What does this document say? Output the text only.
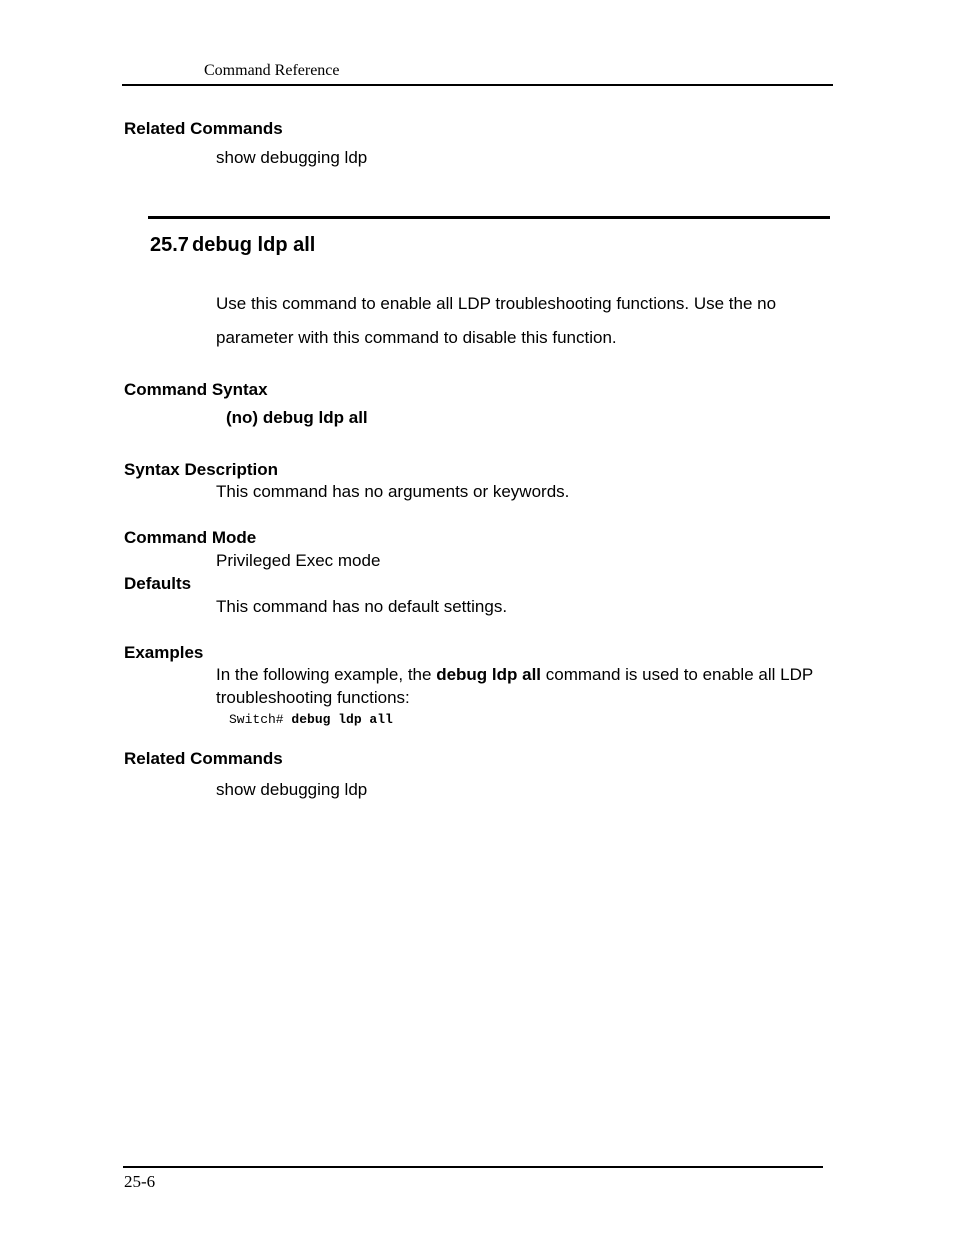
Command Reference
Related Commands
show debugging ldp
25.7 debug ldp all
Use this command to enable all LDP troubleshooting functions. Use the no
parameter with this command to disable this function.
Command Syntax
(no) debug ldp all
Syntax Description
This command has no arguments or keywords.
Command Mode
Privileged Exec mode
Defaults
This command has no default settings.
Examples
In the following example, the debug ldp all command is used to enable all LDP
troubleshooting functions:
Switch# debug ldp all
Related Commands
show debugging ldp
25-6
